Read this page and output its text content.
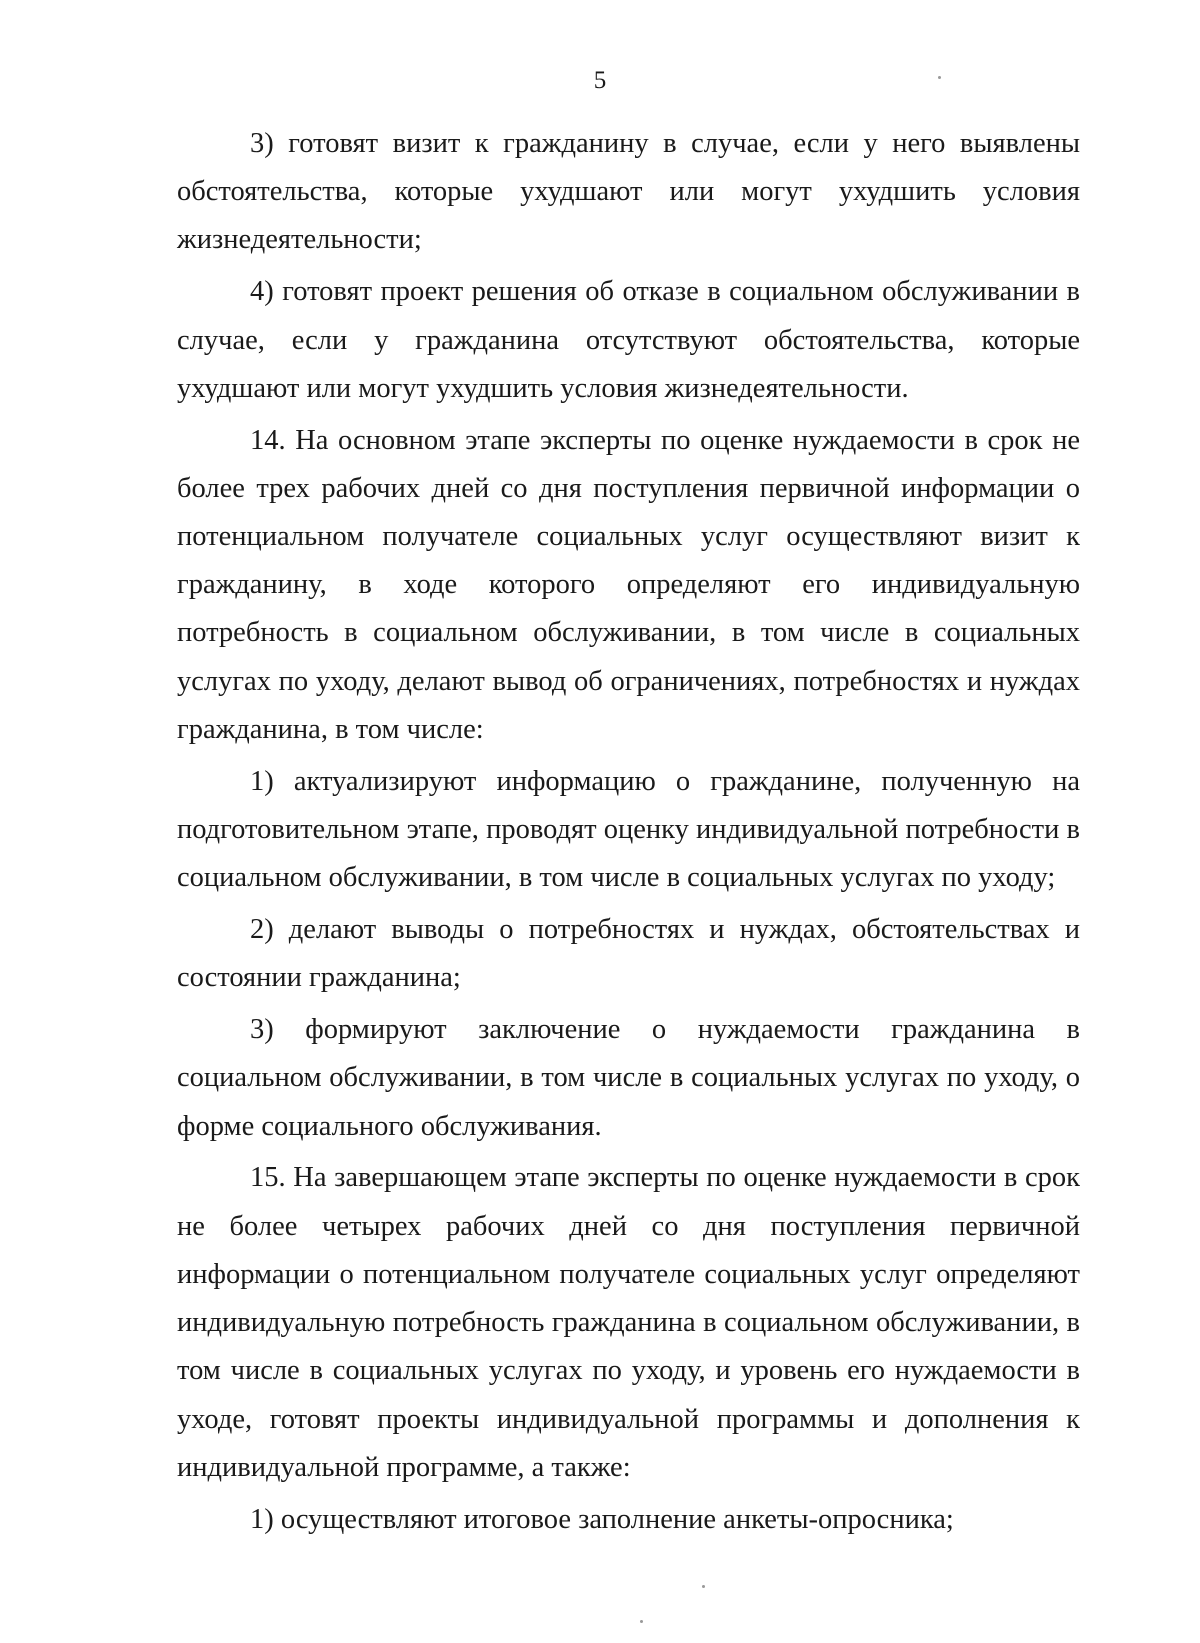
5

3) готовят визит к гражданину в случае, если у него выявлены обстоятельства, которые ухудшают или могут ухудшить условия жизнедеятельности;

4) готовят проект решения об отказе в социальном обслуживании в случае, если у гражданина отсутствуют обстоятельства, которые ухудшают или могут ухудшить условия жизнедеятельности.

14. На основном этапе эксперты по оценке нуждаемости в срок не более трех рабочих дней со дня поступления первичной информации о потенциальном получателе социальных услуг осуществляют визит к гражданину, в ходе которого определяют его индивидуальную потребность в социальном обслуживании, в том числе в социальных услугах по уходу, делают вывод об ограничениях, потребностях и нуждах гражданина, в том числе:

1) актуализируют информацию о гражданине, полученную на подготовительном этапе, проводят оценку индивидуальной потребности в социальном обслуживании, в том числе в социальных услугах по уходу;

2) делают выводы о потребностях и нуждах, обстоятельствах и состоянии гражданина;

3) формируют заключение о нуждаемости гражданина в социальном обслуживании, в том числе в социальных услугах по уходу, о форме социального обслуживания.

15. На завершающем этапе эксперты по оценке нуждаемости в срок не более четырех рабочих дней со дня поступления первичной информации о потенциальном получателе социальных услуг определяют индивидуальную потребность гражданина в социальном обслуживании, в том числе в социальных услугах по уходу, и уровень его нуждаемости в уходе, готовят проекты индивидуальной программы и дополнения к индивидуальной программе, а также:

1) осуществляют итоговое заполнение анкеты-опросника;
